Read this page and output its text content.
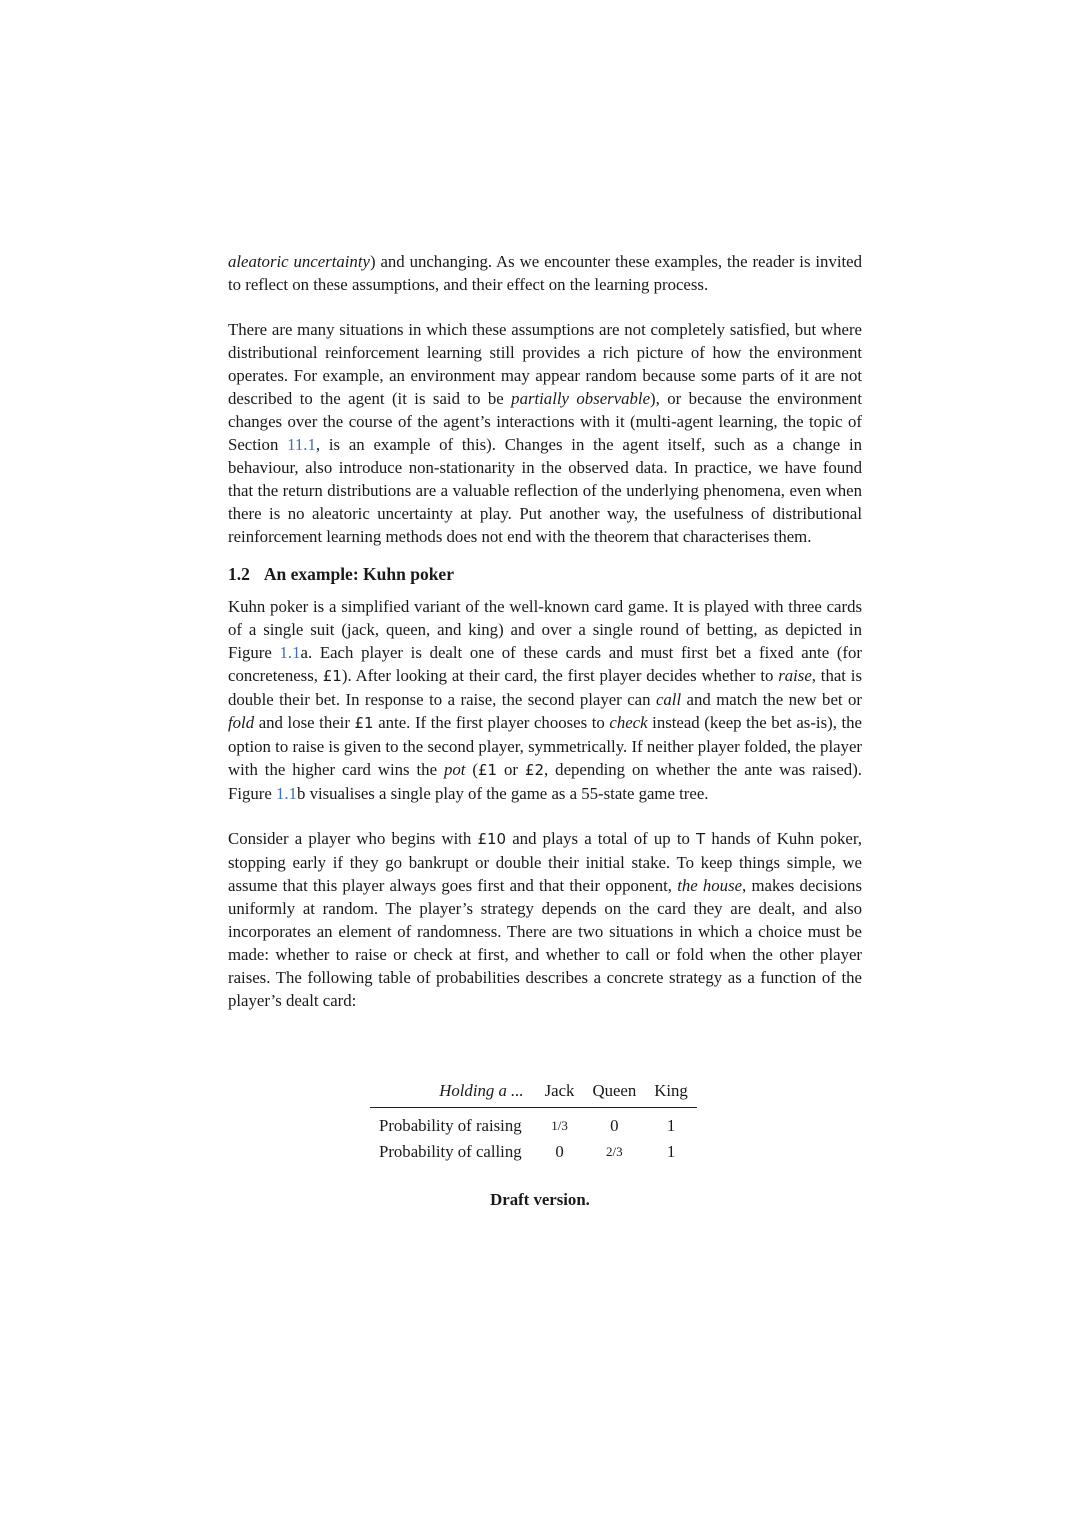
aleatoric uncertainty) and unchanging. As we encounter these examples, the reader is invited to reflect on these assumptions, and their effect on the learning process.

There are many situations in which these assumptions are not completely satisfied, but where distributional reinforcement learning still provides a rich picture of how the environment operates. For example, an environment may appear random because some parts of it are not described to the agent (it is said to be partially observable), or because the environment changes over the course of the agent’s interactions with it (multi-agent learning, the topic of Section 11.1, is an example of this). Changes in the agent itself, such as a change in behaviour, also introduce non-stationarity in the observed data. In practice, we have found that the return distributions are a valuable reflection of the underlying phenomena, even when there is no aleatoric uncertainty at play. Put another way, the usefulness of distributional reinforcement learning methods does not end with the theorem that characterises them.

1.2 An example: Kuhn poker

Kuhn poker is a simplified variant of the well-known card game. It is played with three cards of a single suit (jack, queen, and king) and over a single round of betting, as depicted in Figure 1.1a. Each player is dealt one of these cards and must first bet a fixed ante (for concreteness, £1). After looking at their card, the first player decides whether to raise, that is double their bet. In response to a raise, the second player can call and match the new bet or fold and lose their £1 ante. If the first player chooses to check instead (keep the bet as-is), the option to raise is given to the second player, symmetrically. If neither player folded, the player with the higher card wins the pot (£1 or £2, depending on whether the ante was raised). Figure 1.1b visualises a single play of the game as a 55-state game tree.

Consider a player who begins with £10 and plays a total of up to T hands of Kuhn poker, stopping early if they go bankrupt or double their initial stake. To keep things simple, we assume that this player always goes first and that their opponent, the house, makes decisions uniformly at random. The player’s strategy depends on the card they are dealt, and also incorporates an element of randomness. There are two situations in which a choice must be made: whether to raise or check at first, and whether to call or fold when the other player raises. The following table of probabilities describes a concrete strategy as a function of the player’s dealt card:

Holding a ...	Jack	Queen	King
Probability of raising	1/3	0	1
Probability of calling	0	2/3	1
Draft version.
